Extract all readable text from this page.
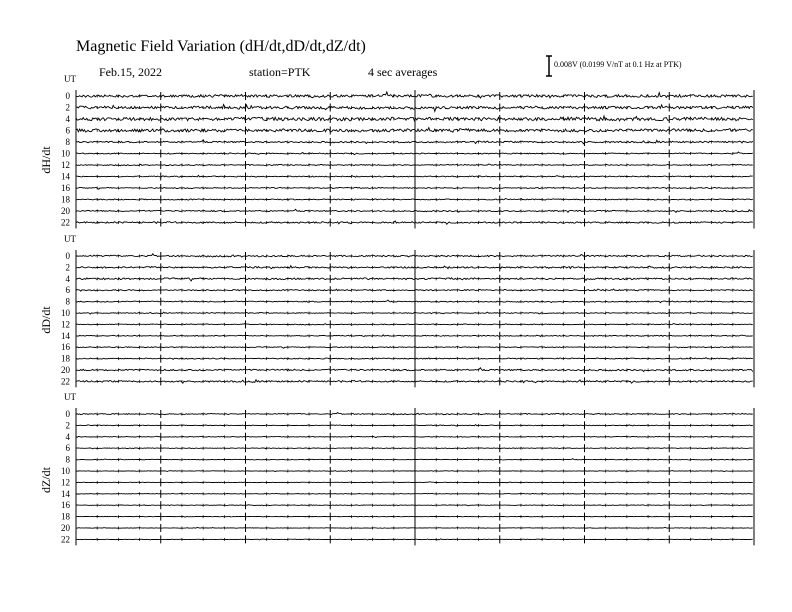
Magnetic Field Variation (dH/dt,dD/dt,dZ/dt)
Feb.15, 2022	station=PTK	4 sec averages
0.008V (0.0199 V/nT at 0.1 Hz at PTK)
UT
dH/dt
0
2
4
6
8
10
12
14
16
18
20
22
UT
dD/dt
0
2
4
6
8
10
12
14
16
18
20
22
UT
dZ/dt
0
2
4
6
8
10
12
14
16
18
20
22
